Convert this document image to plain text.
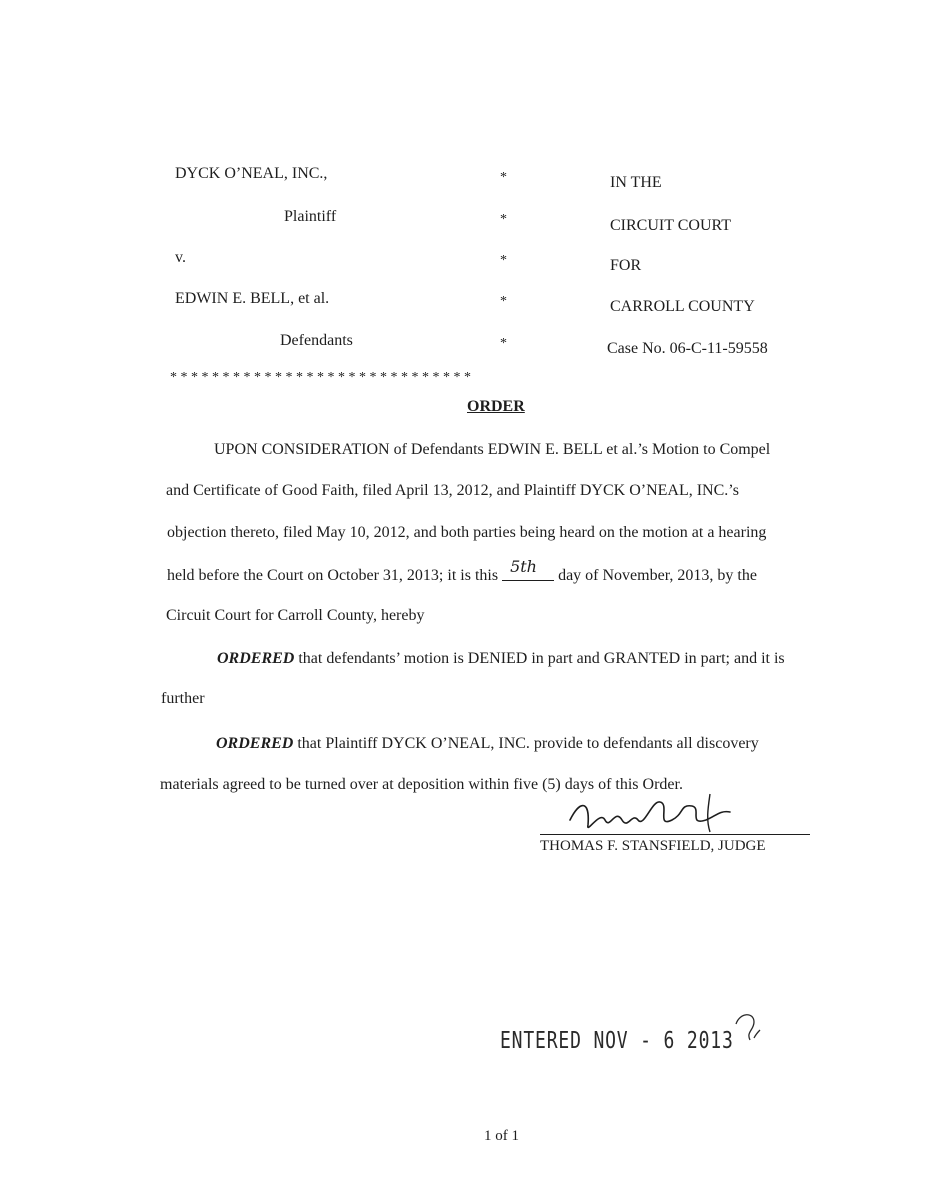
DYCK O’NEAL, INC.,
Plaintiff
v.
EDWIN E. BELL, et al.
Defendants
*
*
*
*
*
IN THE
CIRCUIT COURT
FOR
CARROLL COUNTY
Case No. 06-C-11-59558
* * * * * * * * * * * * * * * * * * * * * * * * * * * * *
ORDER
UPON CONSIDERATION of Defendants EDWIN E. BELL et al.’s Motion to Compel
and Certificate of Good Faith, filed April 13, 2012, and Plaintiff DYCK O’NEAL, INC.’s
objection thereto, filed May 10, 2012, and both parties being heard on the motion at a hearing
held before the Court on October 31, 2013; it is this 5th day of November, 2013, by the
Circuit Court for Carroll County, hereby
ORDERED that defendants’ motion is DENIED in part and GRANTED in part; and it is
further
ORDERED that Plaintiff DYCK O’NEAL, INC. provide to defendants all discovery
materials agreed to be turned over at deposition within five (5) days of this Order.
THOMAS F. STANSFIELD, JUDGE
ENTERED NOV - 6 2013
1 of 1
